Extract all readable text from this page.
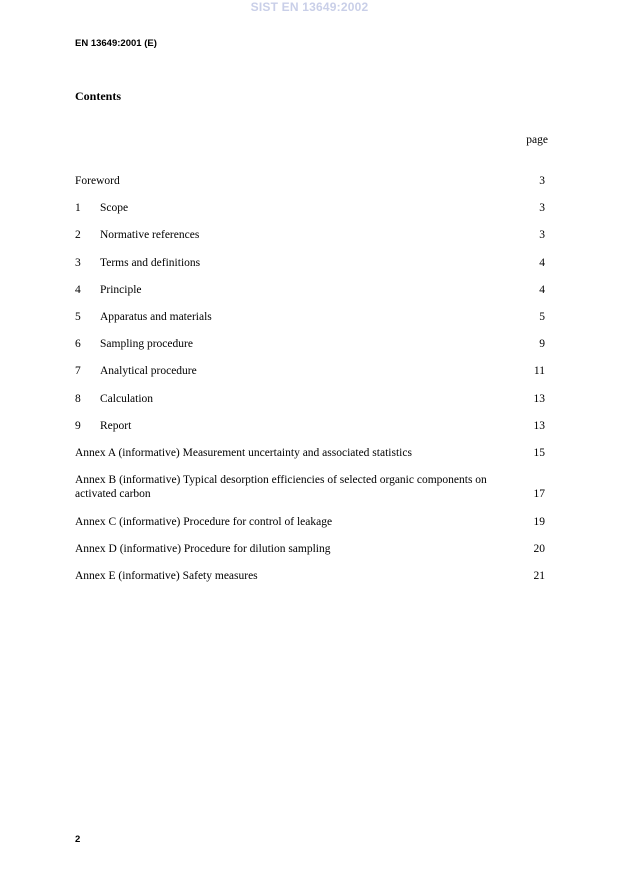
SIST EN 13649:2002
EN 13649:2001 (E)
Contents
page
Foreword	3
1 Scope	3
2 Normative references	3
3 Terms and definitions	4
4 Principle	4
5 Apparatus and materials	5
6 Sampling procedure	9
7 Analytical procedure	11
8 Calculation	13
9 Report	13
Annex A (informative) Measurement uncertainty and associated statistics	15
Annex B (informative) Typical desorption efficiencies of selected organic components on activated carbon	17
Annex C (informative) Procedure for control of leakage	19
Annex D (informative) Procedure for dilution sampling	20
Annex E (informative) Safety measures	21
2
